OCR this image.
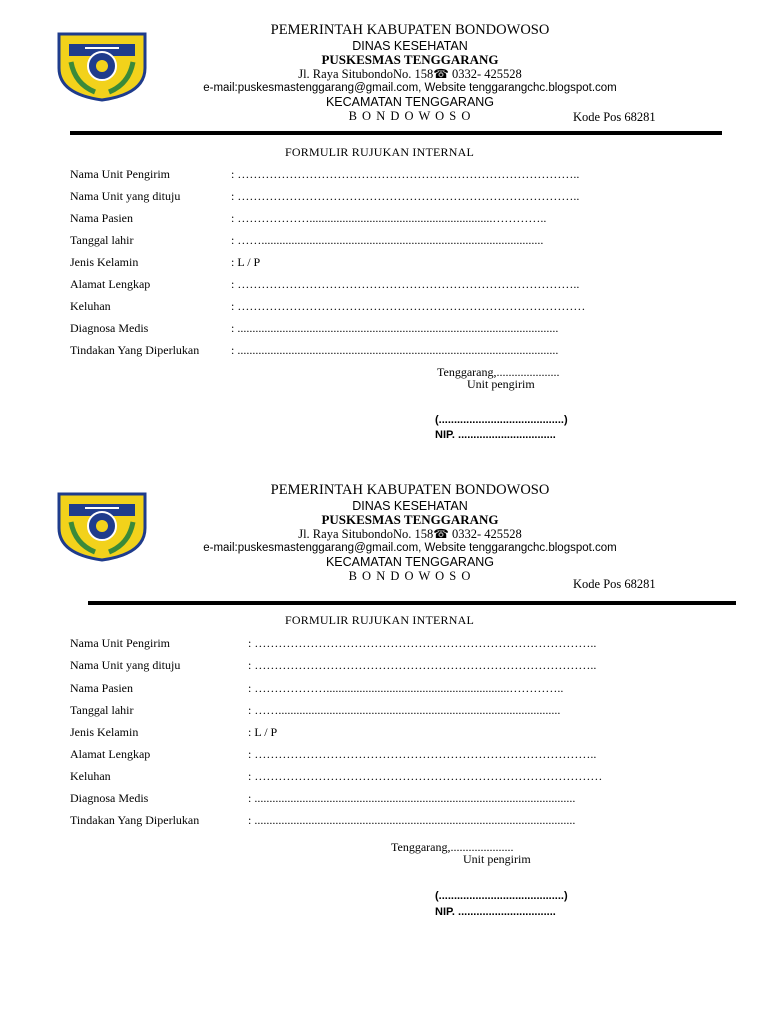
PEMERINTAH KABUPATEN BONDOWOSO
DINAS KESEHATAN
PUSKESMAS TENGGARANG
Jl. Raya SitubondoNo. 158☎ 0332- 425528
e-mail:puskesmastenggarang@gmail.com, Website tenggarangchc.blogspot.com
KECAMATAN TENGGARANG
B O N D O W O S O	Kode Pos 68281
FORMULIR RUJUKAN INTERNAL
Nama Unit Pengirim	: …………………………………………………………………………..
Nama Unit yang dituju	: …………………………………………………………………………..
Nama Pasien	: ……………….............................................................…………..
Tanggal lahir	: ……..............................................................................................
Jenis Kelamin	: L / P
Alamat Lengkap	: …………………………………………………………………………..
Keluhan	: ……………………………………………………………………………
Diagnosa Medis	: ...........................................................................................................
Tindakan Yang Diperlukan	: ...........................................................................................................
Tenggarang,.....................
Unit pengirim
(.........................................)
NIP. ................................
PEMERINTAH KABUPATEN BONDOWOSO
DINAS KESEHATAN
PUSKESMAS TENGGARANG
Jl. Raya SitubondoNo. 158☎ 0332- 425528
e-mail:puskesmastenggarang@gmail.com, Website tenggarangchc.blogspot.com
KECAMATAN TENGGARANG
B O N D O W O S O
Kode Pos 68281
FORMULIR RUJUKAN INTERNAL
Nama Unit Pengirim	: …………………………………………………………………………..
Nama Unit yang dituju	: …………………………………………………………………………..
Nama Pasien	: ……………….............................................................…………..
Tanggal lahir	: ……..............................................................................................
Jenis Kelamin	: L / P
Alamat Lengkap	: …………………………………………………………………………..
Keluhan	: ……………………………………………………………………………
Diagnosa Medis	: ...........................................................................................................
Tindakan Yang Diperlukan	: ...........................................................................................................
Tenggarang,.....................
Unit pengirim
(.........................................)
NIP. ................................
